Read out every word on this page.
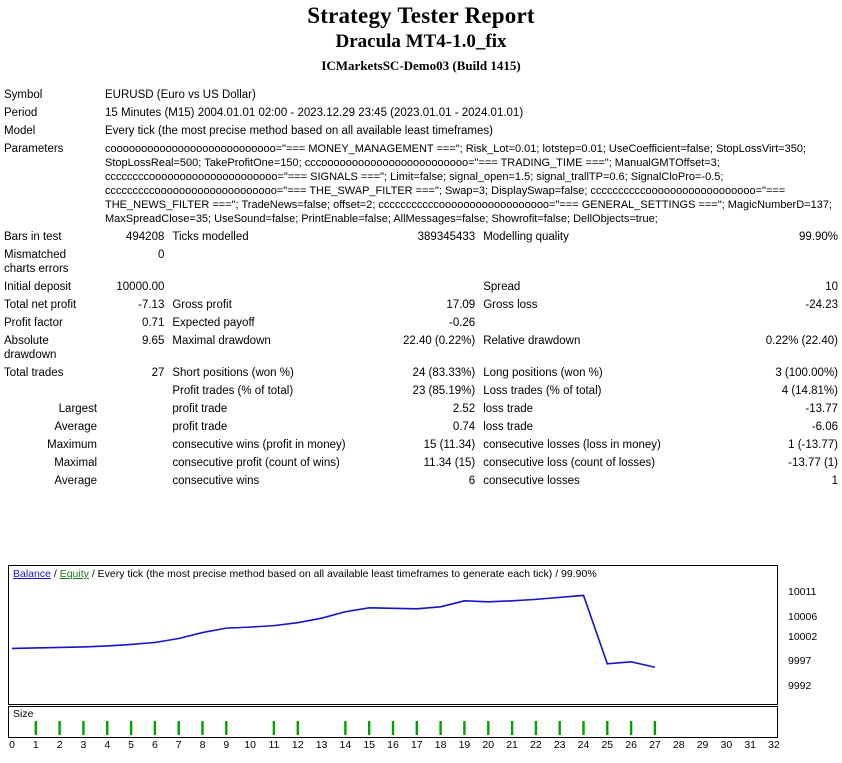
Strategy Tester Report
Dracula MT4-1.0_fix
ICMarketsSC-Demo03 (Build 1415)
Symbol	EURUSD (Euro vs US Dollar)				
Period	15 Minutes (M15) 2004.01.01 02:00 - 2023.12.29 23:45 (2023.01.01 - 2024.01.01)				
Model	Every tick (the most precise method based on all available least timeframes)				
Parameters	cooooooooooooooooooooooooooo="=== MONEY_MANAGEMENT ==="; Risk_Lot=0.01; lotstep=0.01; UseCoefficient=false; StopLossVirt=350; StopLossReal=500; TakeProfitOne=150; cccoooooooooooooooooooooooo="=== TRADING_TIME ==="; ManualGMTOffset=3; ccccccccooooooooooooooooooooo="=== SIGNALS ==="; Limit=false; signal_open=1.5; signal_trallTP=0.6; SignalCloPro=-0.5; cccccccccoooooooooooooooooooo="=== THE_SWAP_FILTER ==="; Swap=3; DisplaySwap=false; ccccccccccoooooooooooooooooo="=== THE_NEWS_FILTER ==="; TradeNews=false; offset=2; cccccccccccoooooooooooooooooo="=== GENERAL_SETTINGS ==="; MagicNumberD=137; MaxSpreadClose=35; UseSound=false; PrintEnable=false; AllMessages=false; Showrofit=false; DellObjects=true;				
Bars in test	494208	Ticks modelled	389345433	Modelling quality	99.90%
Mismatched charts errors	0				
Initial deposit	10000.00			Spread	10
Total net profit	-7.13	Gross profit	17.09	Gross loss	-24.23
Profit factor	0.71	Expected payoff	-0.26		
Absolute drawdown	9.65	Maximal drawdown	22.40 (0.22%)	Relative drawdown	0.22% (22.40)
Total trades	27	Short positions (won %)	24 (83.33%)	Long positions (won %)	3 (100.00%)
		Profit trades (% of total)	23 (85.19%)	Loss trades (% of total)	4 (14.81%)
Largest		profit trade	2.52	loss trade	-13.77
Average		profit trade	0.74	loss trade	-6.06
Maximum		consecutive wins (profit in money)	15 (11.34)	consecutive losses (loss in money)	1 (-13.77)
Maximal		consecutive profit (count of wins)	11.34 (15)	consecutive loss (count of losses)	-13.77 (1)
Average		consecutive wins	6	consecutive losses	1
Balance / Equity / Every tick (the most precise method based on all available least timeframes to generate each tick) / 99.90%
10011
10006
10002
9997
9992
Size
0 1 2 3 4 5 6 7 8 9 10 11 12 13 14 15 16 17 18 19 20 21 22 23 24 25 26 27 28 29 30 31 32
